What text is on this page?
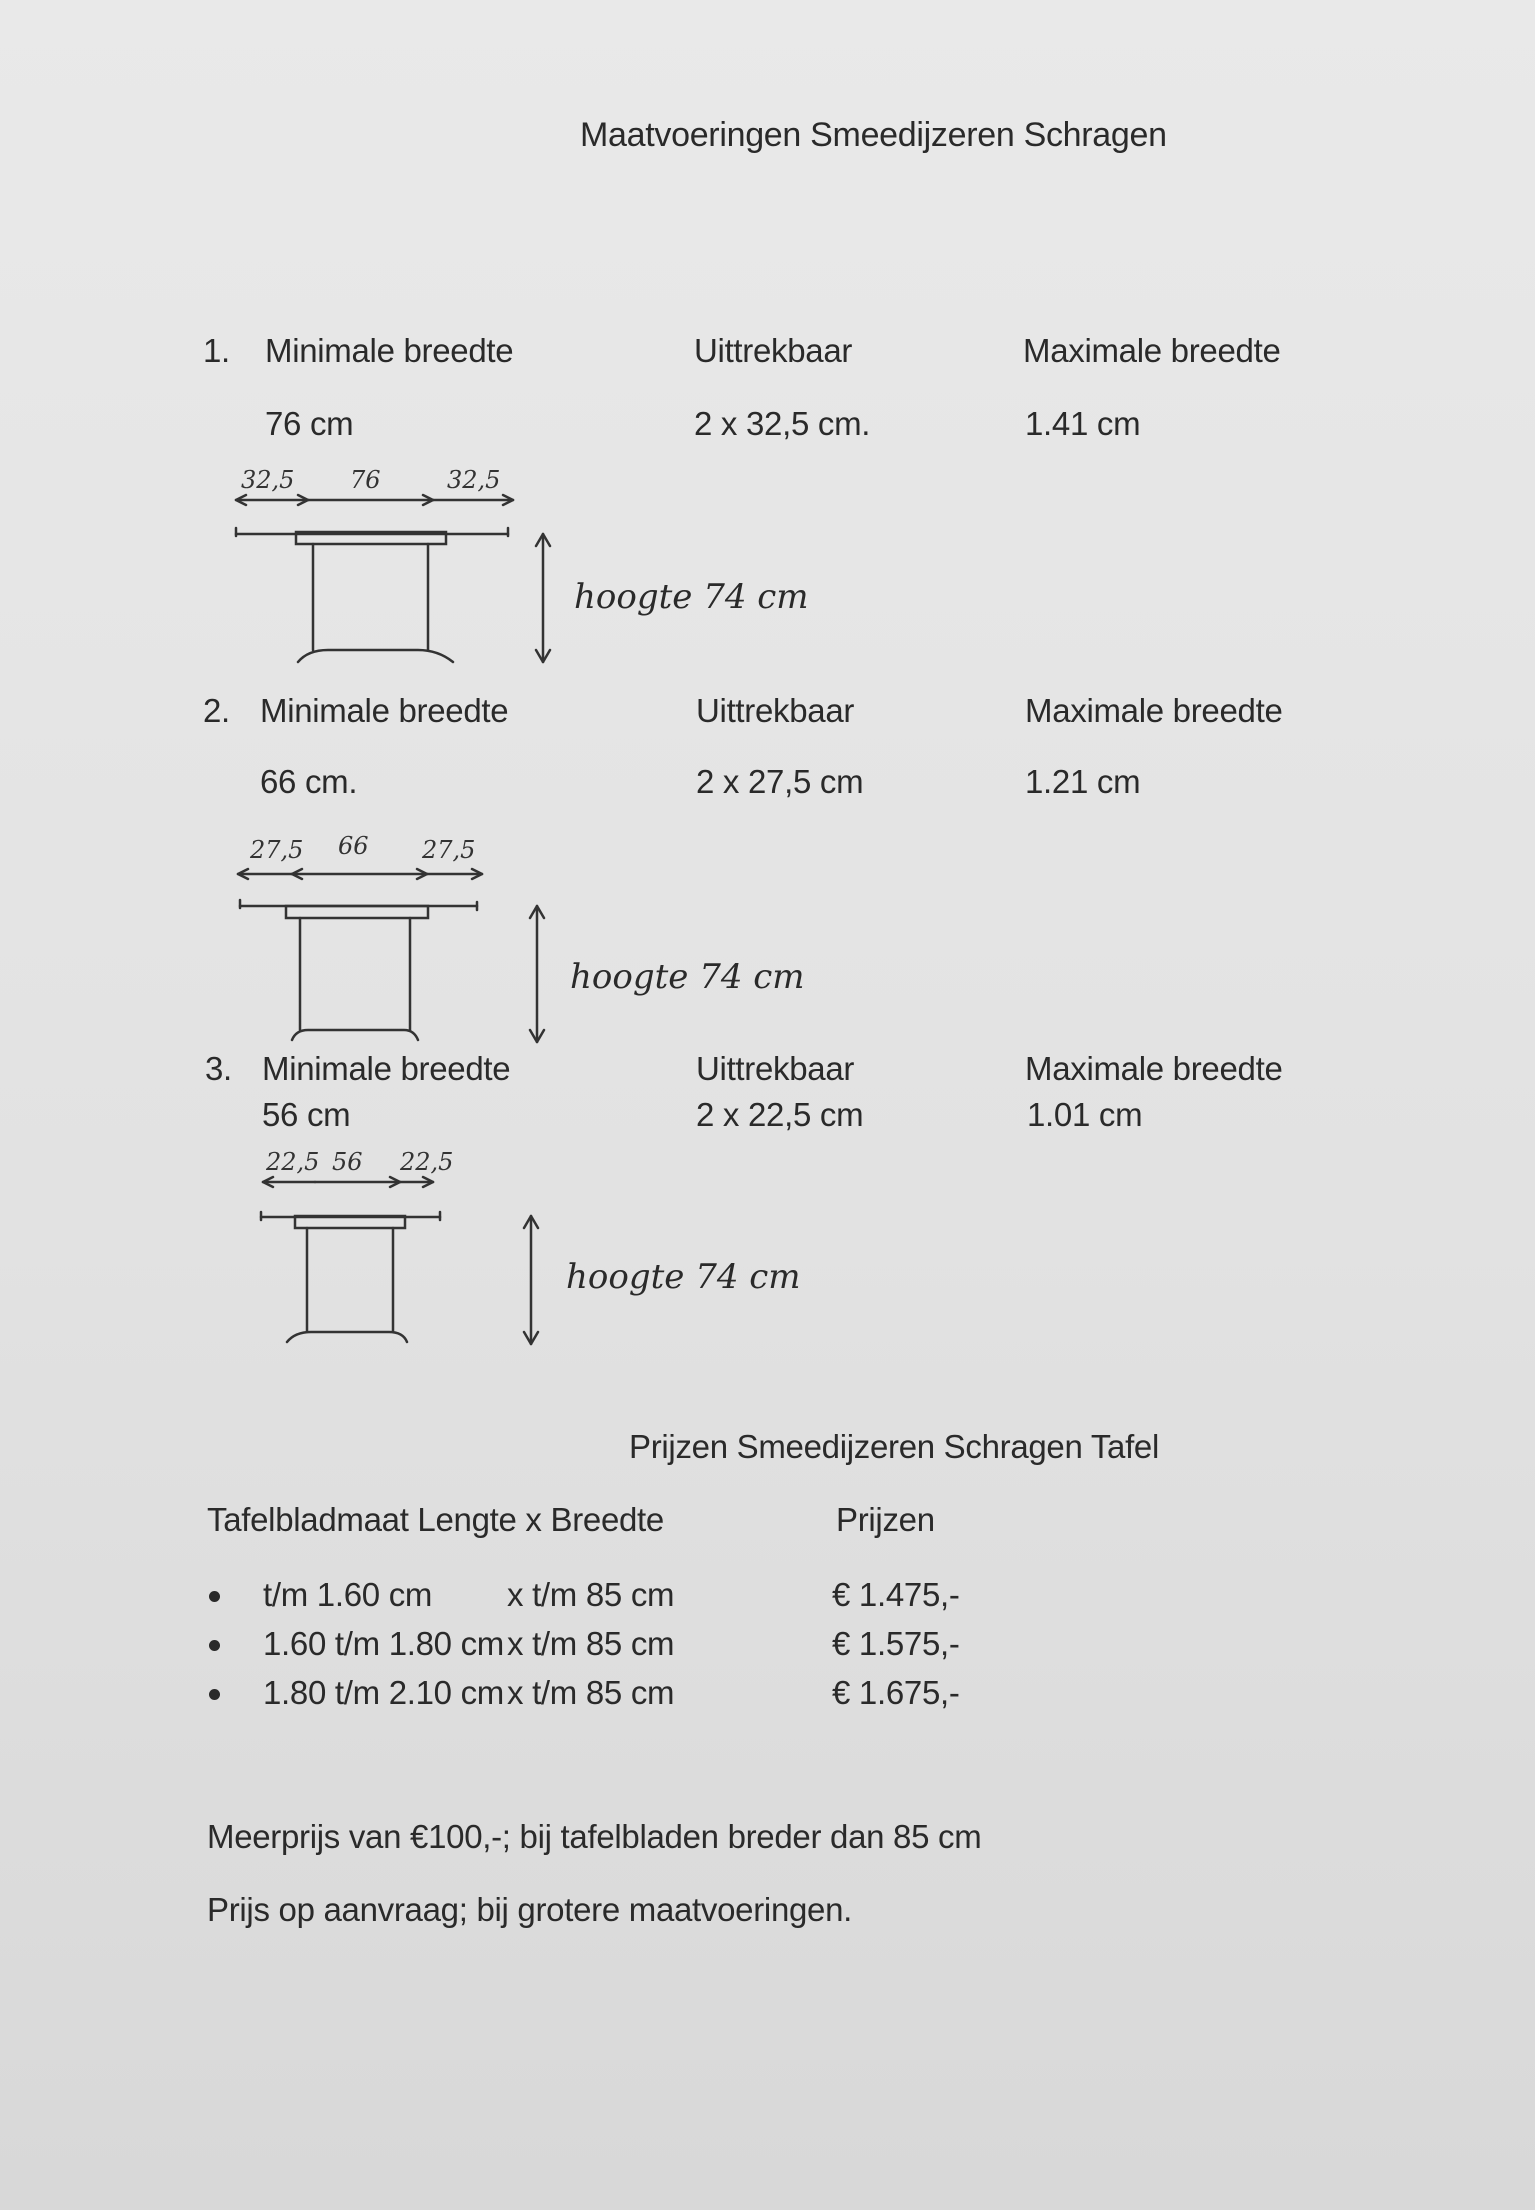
Maatvoeringen Smeedijzeren Schragen
1. Minimale breedte	Uittrekbaar	Maximale breedte
76 cm	2 x 32,5 cm.	1.41 cm
32,5 76	32,5
hoogte 74 cm
2. Minimale breedte	Uittrekbaar	Maximale breedte
66 cm.	2 x 27,5 cm	1.21 cm
27,5 66 27,5
hoogte 74 cm
3. Minimale breedte	Uittrekbaar	Maximale breedte
56 cm	2 x 22,5 cm	1.01 cm
22,5 56 22,5
hoogte 74 cm
Prijzen Smeedijzeren Schragen Tafel
Tafelbladmaat Lengte x Breedte	Prijzen
t/m 1.60 cm x t/m 85 cm	€ 1.475,-
1.60 t/m 1.80 cm x t/m 85 cm	€ 1.575,-
1.80 t/m 2.10 cm x t/m 85 cm	€ 1.675,-
Meerprijs van €100,-; bij tafelbladen breder dan 85 cm
Prijs op aanvraag; bij grotere maatvoeringen.
